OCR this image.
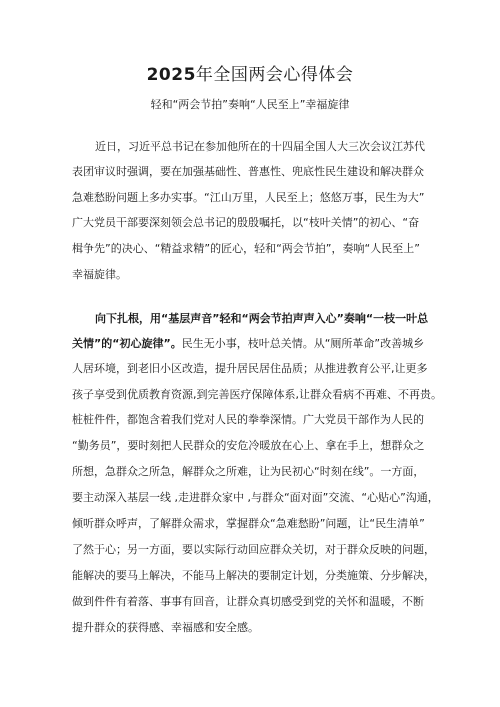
2025年全国两会心得体会
轻和“两会节拍”奏响“人民至上”幸福旋律
近日，习近平总书记在参加他所在的十四届全国人大三次会议江苏代
表团审议时强调，要在加强基础性、普惠性、兜底性民生建设和解决群众
急难愁盼问题上多办实事。“江山万里，人民至上；悠悠万事，民生为大”
广大党员干部要深刻领会总书记的殷殷嘱托，以“枝叶关情”的初心、“奋
楫争先”的决心、“精益求精”的匠心，轻和“两会节拍”，奏响“人民至上”
幸福旋律。
向下扎根，用“基层声音”轻和“两会节拍声声入心”奏响“一枝一叶总
关情”的“初心旋律”。民生无小事，枝叶总关情。从“厕所革命”改善城乡
人居环境，到老旧小区改造，提升居民居住品质；从推进教育公平,让更多
孩子享受到优质教育资源,到完善医疗保障体系,让群众看病不再难、不再贵。
桩桩件件，都饱含着我们党对人民的拳拳深情。广大党员干部作为人民的
“勤务员”，要时刻把人民群众的安危冷暖放在心上、拿在手上，想群众之
所想，急群众之所急，解群众之所难，让为民初心“时刻在线”。一方面，
要主动深入基层一线 ,走进群众家中 ,与群众“面对面”交流、“心贴心”沟通，
倾听群众呼声，了解群众需求，掌握群众“急难愁盼”问题，让“民生清单”
了然于心；另一方面，要以实际行动回应群众关切，对于群众反映的问题，
能解决的要马上解决，不能马上解决的要制定计划，分类施策、分步解决，
做到件件有着落、事事有回音，让群众真切感受到党的关怀和温暖，不断
提升群众的获得感、幸福感和安全感。
